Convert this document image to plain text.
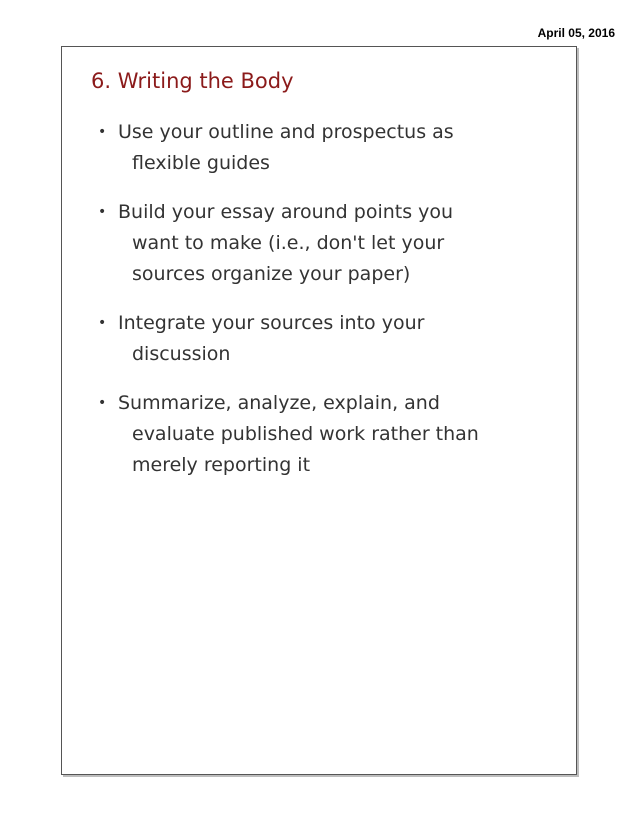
April 05, 2016
6. Writing the Body
• Use your outline and prospectus as
flexible guides
• Build your essay around points you
want to make (i.e., don't let your
sources organize your paper)
• Integrate your sources into your
discussion
• Summarize, analyze, explain, and
evaluate published work rather than
merely reporting it
